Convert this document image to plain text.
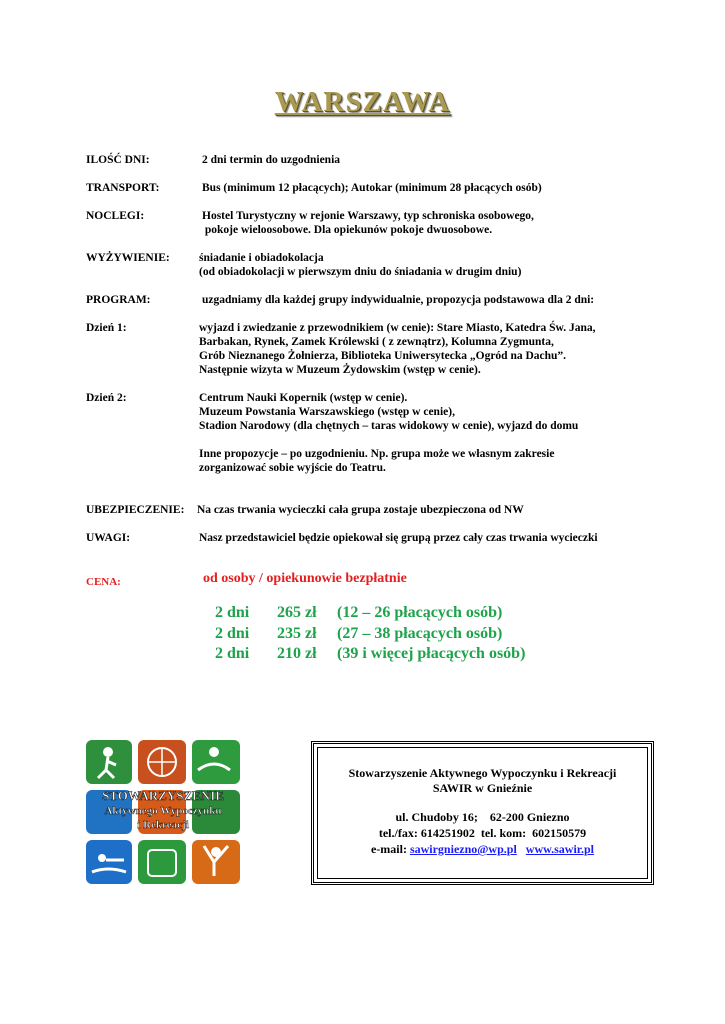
WARSZAWA
ILOŚĆ DNI:	2 dni termin do uzgodnienia
TRANSPORT:	Bus (minimum 12 płacących); Autokar (minimum 28 płacących osób)
NOCLEGI:	Hostel Turystyczny w rejonie Warszawy, typ schroniska osobowego,
pokoje wieloosobowe. Dla opiekunów pokoje dwuosobowe.
WYŻYWIENIE:	śniadanie i obiadokolacja
(od obiadokolacji w pierwszym dniu do śniadania w drugim dniu)
PROGRAM:	uzgadniamy dla każdej grupy indywidualnie, propozycja podstawowa dla 2 dni:
Dzień 1:	wyjazd i zwiedzanie z przewodnikiem (w cenie): Stare Miasto, Katedra Św. Jana,
Barbakan, Rynek, Zamek Królewski ( z zewnątrz), Kolumna Zygmunta,
Grób Nieznanego Żołnierza, Biblioteka Uniwersytecka „Ogród na Dachu”.
Następnie wizyta w Muzeum Żydowskim (wstęp w cenie).
Dzień 2:	Centrum Nauki Kopernik (wstęp w cenie).
Muzeum Powstania Warszawskiego (wstęp w cenie),
Stadion Narodowy (dla chętnych – taras widokowy w cenie), wyjazd do domu
Inne propozycje – po uzgodnieniu. Np. grupa może we własnym zakresie
zorganizować sobie wyjście do Teatru.
UBEZPIECZENIE: Na czas trwania wycieczki cała grupa zostaje ubezpieczona od NW
UWAGI:	Nasz przedstawiciel będzie opiekował się grupą przez cały czas trwania wycieczki
CENA:	od osoby / opiekunowie bezpłatnie
2 dni 265 zł (12 – 26 płacących osób)
2 dni 235 zł (27 – 38 płacących osób)
2 dni 210 zł (39 i więcej płacących osób)
STOWARZYSZENIE
Aktywnego Wypoczynku
i Rekreacji
Stowarzyszenie Aktywnego Wypoczynku i Rekreacji
SAWIR w Gnieźnie
ul. Chudoby 16;    62-200 Gniezno
tel./fax: 614251902  tel. kom:  602150579
e-mail: sawirgniezno@wp.pl www.sawir.pl
